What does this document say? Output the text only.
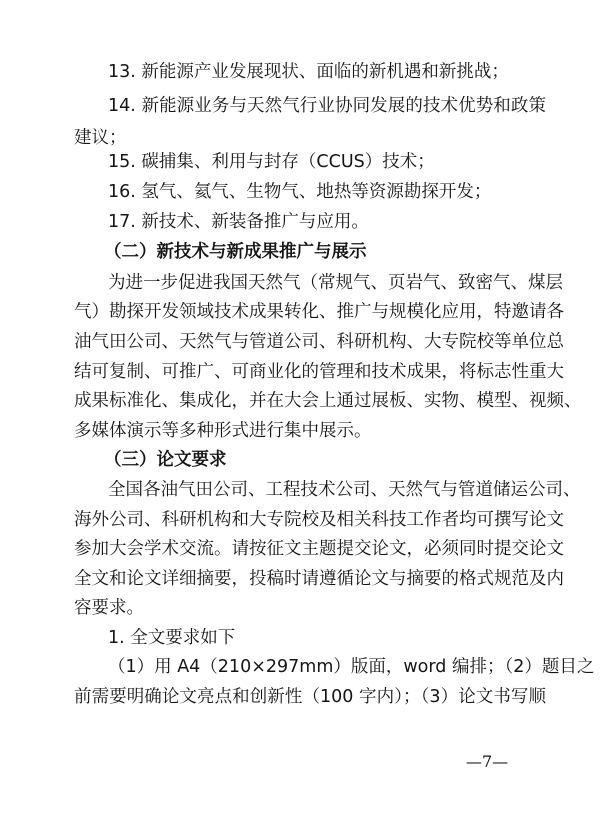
13. 新能源产业发展现状、面临的新机遇和新挑战；
14. 新能源业务与天然气行业协同发展的技术优势和政策
建议；
15. 碳捕集、利用与封存（CCUS）技术；
16. 氢气、氦气、生物气、地热等资源勘探开发；
17. 新技术、新装备推广与应用。
（二）新技术与新成果推广与展示
为进一步促进我国天然气（常规气、页岩气、致密气、煤层
气）勘探开发领域技术成果转化、推广与规模化应用，特邀请各
油气田公司、天然气与管道公司、科研机构、大专院校等单位总
结可复制、可推广、可商业化的管理和技术成果，将标志性重大
成果标准化、集成化，并在大会上通过展板、实物、模型、视频、
多媒体演示等多种形式进行集中展示。
（三）论文要求
全国各油气田公司、工程技术公司、天然气与管道储运公司、
海外公司、科研机构和大专院校及相关科技工作者均可撰写论文
参加大会学术交流。请按征文主题提交论文，必须同时提交论文
全文和论文详细摘要，投稿时请遵循论文与摘要的格式规范及内
容要求。
1. 全文要求如下
（1）用 A4（210×297mm）版面，word 编排；（2）题目之
前需要明确论文亮点和创新性（100 字内）；（3）论文书写顺
—7—
